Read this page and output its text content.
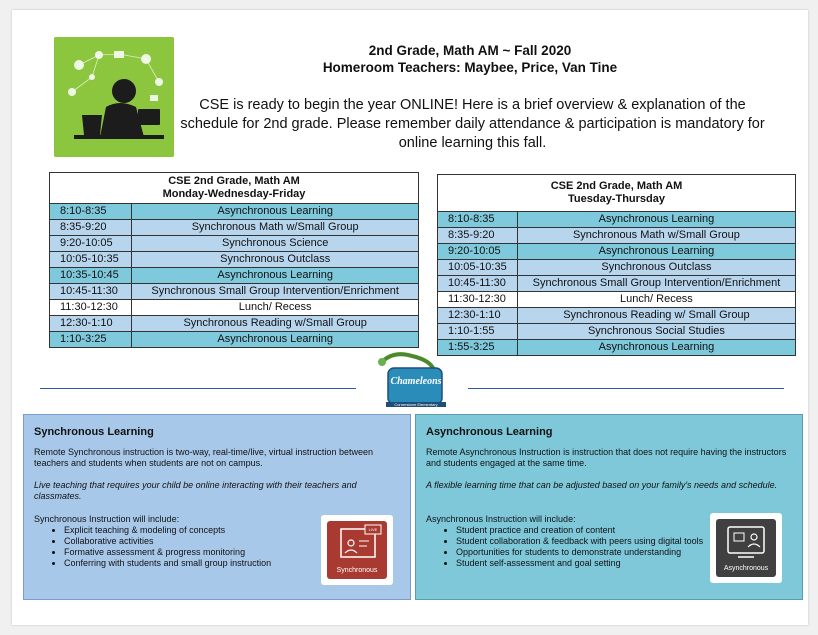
2nd Grade, Math AM ~ Fall 2020
Homeroom Teachers: Maybee, Price, Van Tine
CSE is ready to begin the year ONLINE! Here is a brief overview & explanation of the schedule for 2nd grade. Please remember daily attendance & participation is mandatory for online learning this fall.
CSE 2nd Grade, Math AM
Monday-Wednesday-Friday	

8:10-8:35	Asynchronous Learning
8:35-9:20	Synchronous Math w/Small Group
9:20-10:05	Synchronous Science
10:05-10:35	Synchronous Outclass
10:35-10:45	Asynchronous Learning
10:45-11:30	Synchronous Small Group Intervention/Enrichment
11:30-12:30	Lunch/ Recess
12:30-1:10	Synchronous Reading w/Small Group
1:10-3:25	Asynchronous Learning
CSE 2nd Grade, Math AM
Tuesday-Thursday	

8:10-8:35	Asynchronous Learning
8:35-9:20	Synchronous Math w/Small Group
9:20-10:05	Asynchronous Learning
10:05-10:35	Synchronous Outclass
10:45-11:30	Synchronous Small Group Intervention/Enrichment
11:30-12:30	Lunch/ Recess
12:30-1:10	Synchronous Reading w/ Small Group
1:10-1:55	Synchronous Social Studies
1:55-3:25	Asynchronous Learning
Chameleons
Cornerstone Elementary
Synchronous Learning

Remote Synchronous instruction is two-way, real-time/live, virtual instruction between teachers and students when students are not on campus.

Live teaching that requires your child be online interacting with their teachers and classmates.

Synchronous Instruction will include:

• Explicit teaching & modeling of concepts
• Collaborative activities
• Formative assessment & progress monitoring
• Conferring with students and small group instruction
LIVE
Synchronous
Asynchronous Learning

Remote Asynchronous Instruction is instruction that does not require having the instructors and students engaged at the same time.

A flexible learning time that can be adjusted based on your family's needs and schedule.

Asynchronous Instruction will include:

• Student practice and creation of content
• Student collaboration & feedback with peers using digital tools
• Opportunities for students to demonstrate understanding
• Student self-assessment and goal setting
Asynchronous
